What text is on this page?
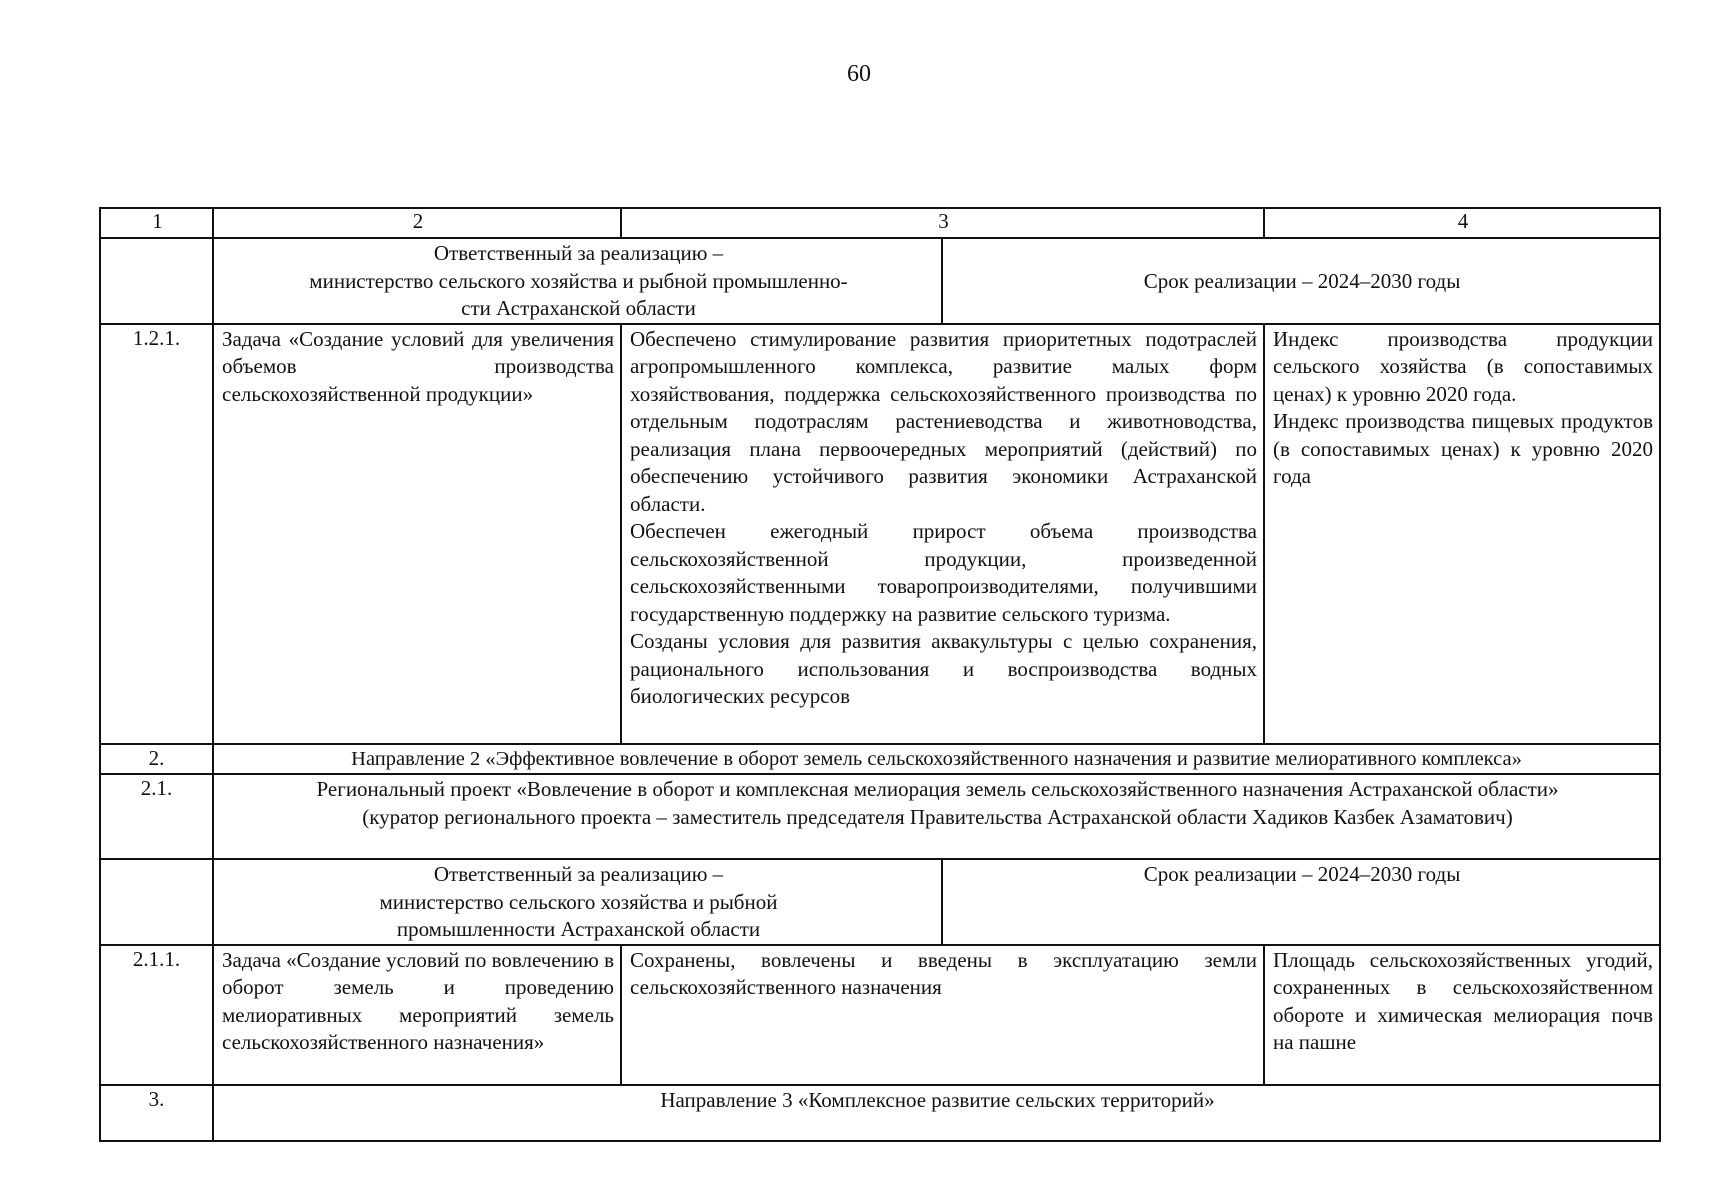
60
1	2	3		4
	Ответственный за реализацию –
министерство сельского хозяйства и рыбной промышленно-
сти Астраханской области		Срок реализации – 2024–2030 годы	
1.2.1.	Задача «Создание условий для увеличения объемов производства сельскохозяйственной продукции»	Обеспечено стимулирование развития приоритетных подотраслей агропромышленного комплекса, развитие малых форм хозяйствования, поддержка сельскохозяйственного производства по отдельным подотраслям растениеводства и животноводства, реализация плана первоочередных мероприятий (действий) по обеспечению устойчивого развития экономики Астраханской области.
Обеспечен ежегодный прирост объема производства сельскохозяйственной продукции, произведенной сельскохозяйственными товаропроизводителями, получившими государственную поддержку на развитие сельского туризма.
Созданы условия для развития аквакультуры с целью сохранения, рационального использования и воспроизводства водных биологических ресурсов		Индекс производства продукции сельского хозяйства (в сопоставимых ценах) к уровню 2020 года.
Индекс производства пищевых продуктов (в сопоставимых ценах) к уровню 2020 года

2.	Направление 2 «Эффективное вовлечение в оборот земель сельскохозяйственного назначения и развитие мелиоративного комплекса»			
2.1.	Региональный проект «Вовлечение в оборот и комплексная мелиорация земель сельскохозяйственного назначения Астраханской области»
(куратор регионального проекта – заместитель председателя Правительства Астраханской области Хадиков Казбек Азаматович)			

	Ответственный за реализацию –
министерство сельского хозяйства и рыбной
промышленности Астраханской области		Срок реализации – 2024–2030 годы	
2.1.1.	Задача «Создание условий по вовлечению в оборот земель и проведению мелиоративных мероприятий земель сельскохозяйственного назначения»	Сохранены, вовлечены и введены в эксплуатацию земли сельскохозяйственного назначения		Площадь сельскохозяйственных угодий, сохраненных в сельскохозяйственном обороте и химическая мелиорация почв на пашне
3.	Направление 3 «Комплексное развитие сельских территорий»			
